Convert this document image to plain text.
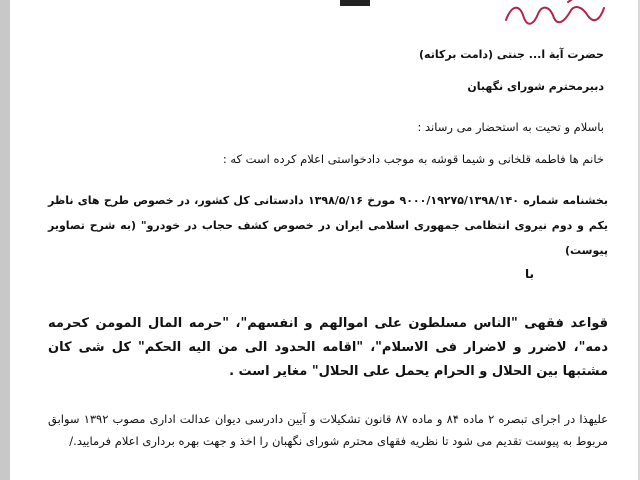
حضرت آیة ا... جنتی (دامت برکاته)
دبیرمحترم شورای نگهبان
باسلام و تحیت به استحضار می رساند :
خانم ها فاطمه قلخانی و شیما قوشه به موجب دادخواستی اعلام کرده است که :
بخشنامه شماره ۹۰۰۰/۱۹۲۷۵/۱۳۹۸/۱۴۰ مورخ ۱۳۹۸/۵/۱۶ دادستانی کل کشور، در خصوص طرح های ناظر یکم و دوم نیروی انتظامی جمهوری اسلامی ایران در خصوص کشف حجاب در خودرو" (به شرح تصاویر پیوست)
با
قواعد فقهی "الناس مسلطون علی اموالهم و انفسهم"، "حرمه المال المومن کحرمه دمه"، لاضرر و لاضرار فی الاسلام"، "اقامه الحدود الی من الیه الحکم" کل شی کان مشتبها بین الحلال و الحرام یحمل علی الحلال" مغایر است .
علیهذا در اجرای تبصره ۲ ماده ۸۴ و ماده ۸۷ قانون تشکیلات و آیین دادرسی دیوان عدالت اداری مصوب ۱۳۹۲ سوابق مربوط به پیوست تقدیم می شود تا نظریه فقهای محترم شورای نگهبان را اخذ و جهت بهره برداری اعلام فرمایید./
